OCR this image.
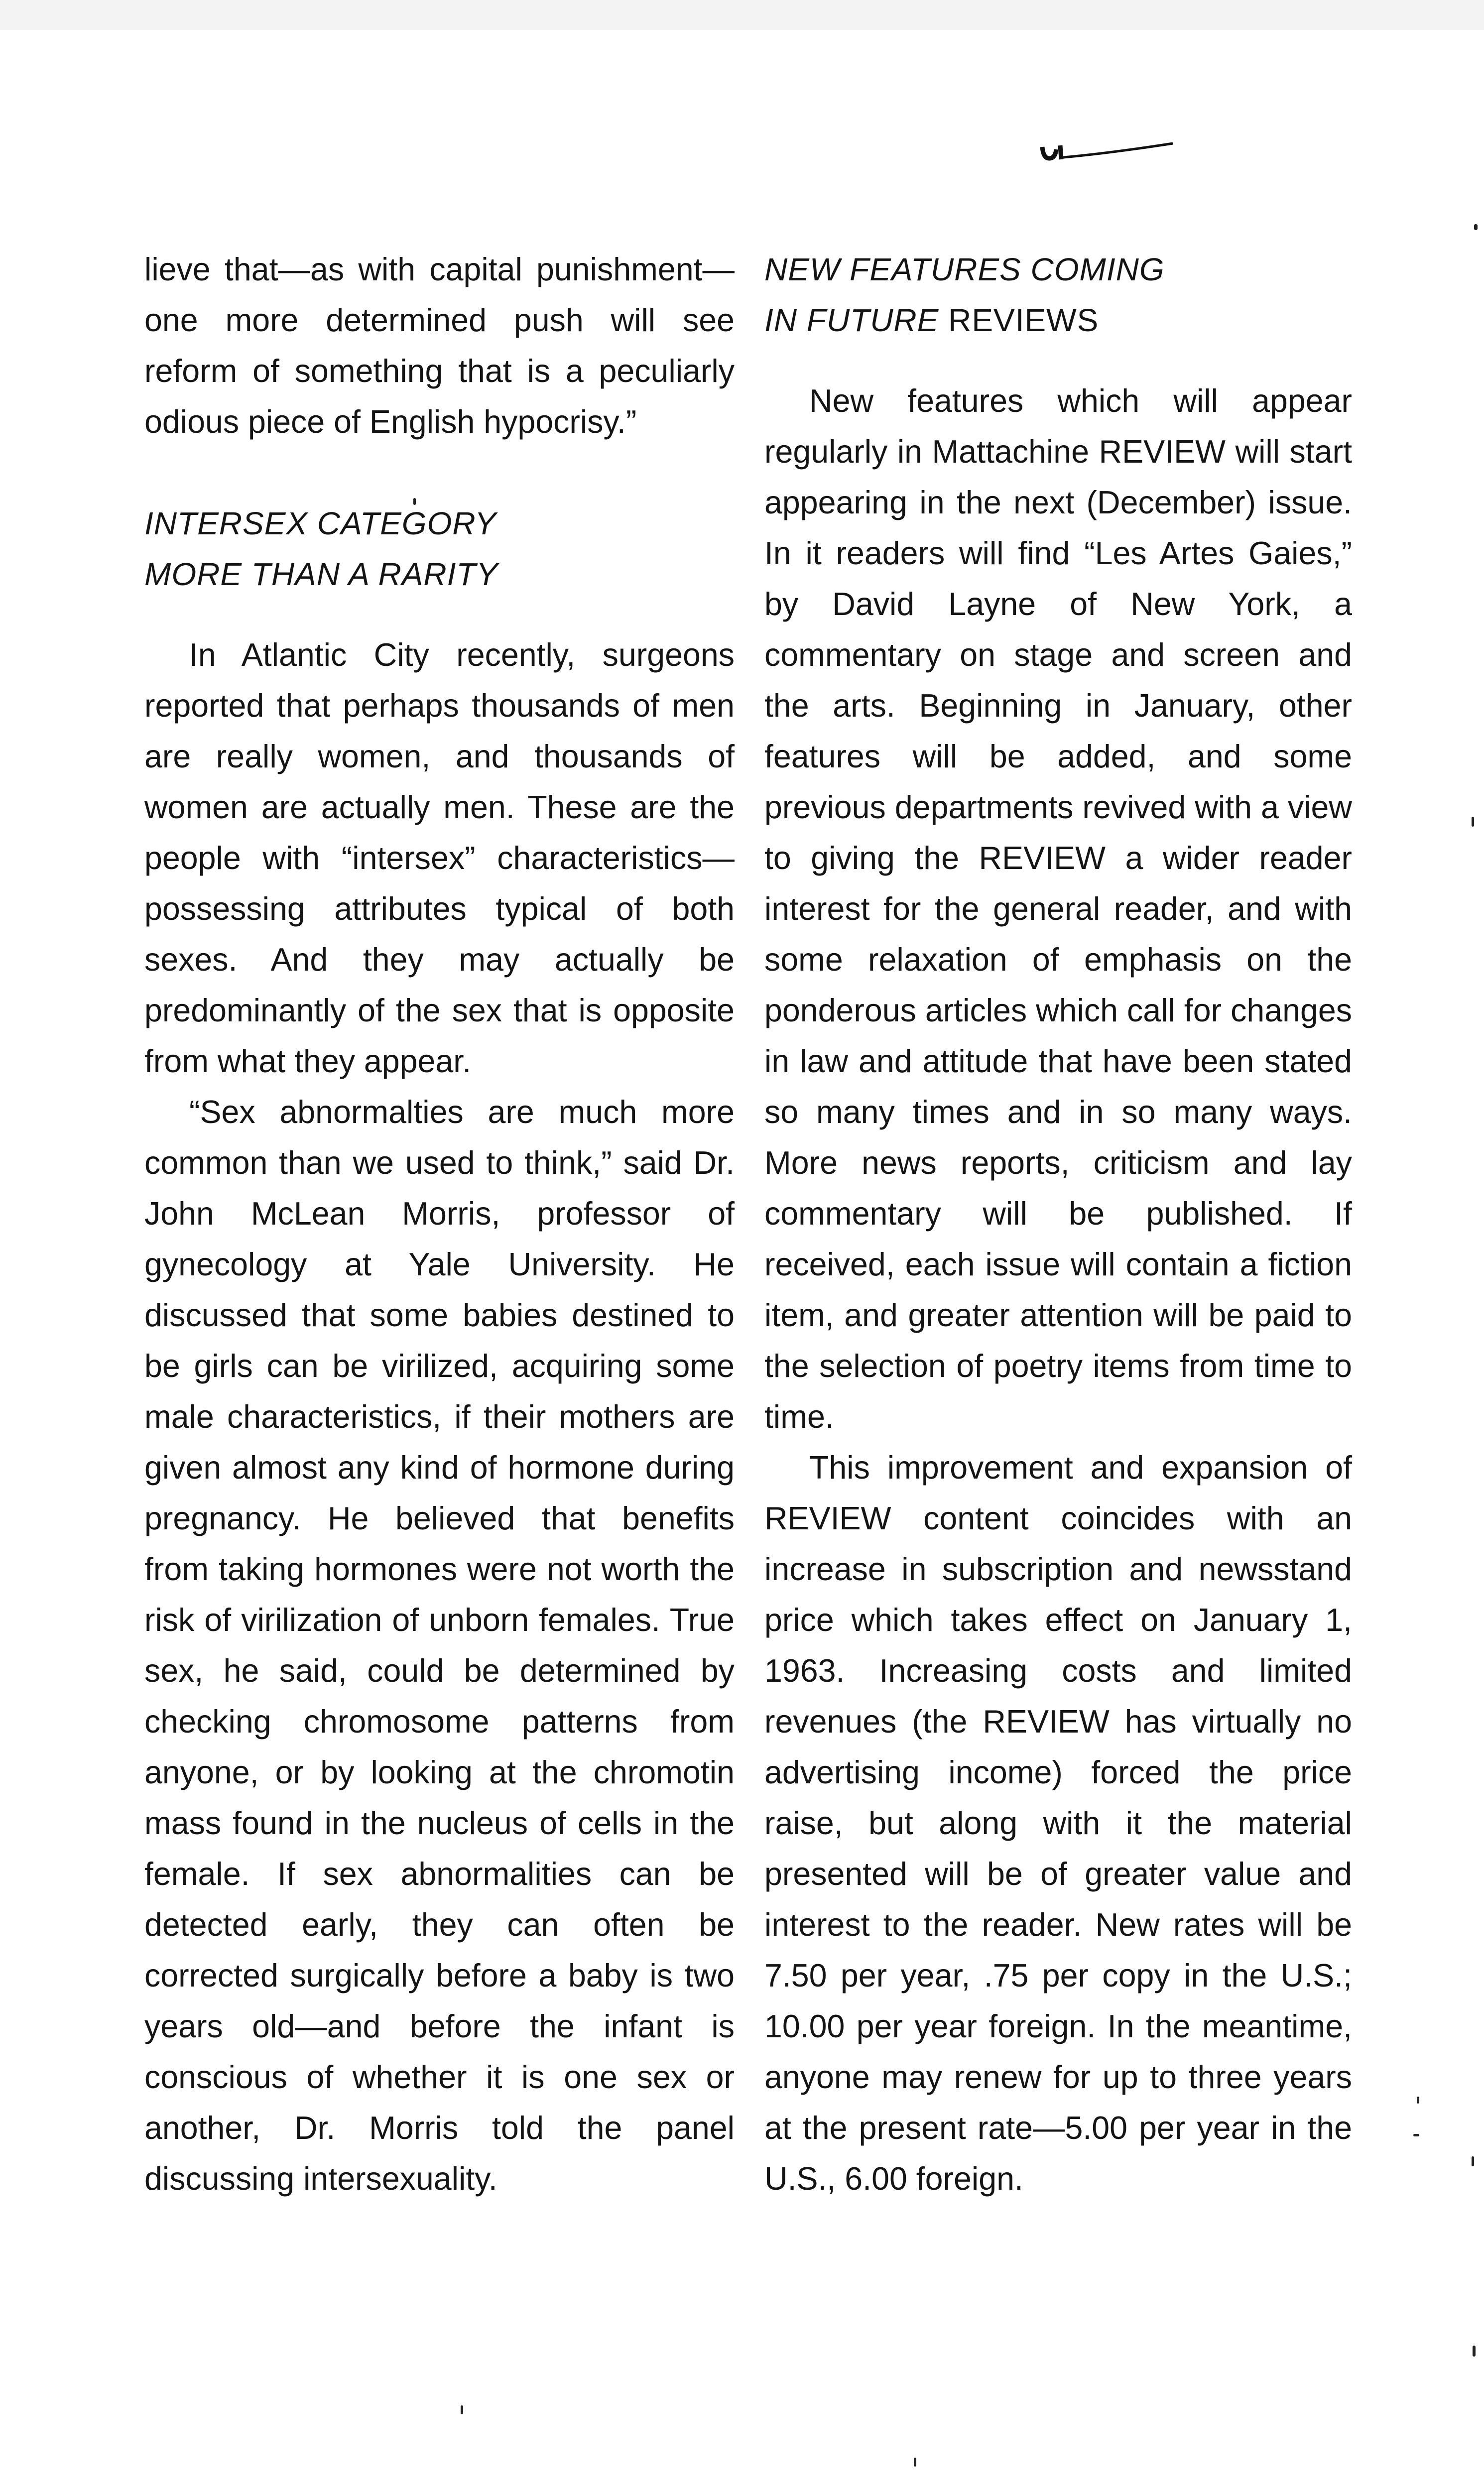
lieve that—as with capital punishment—one more determined push will see reform of something that is a peculiarly odious piece of English hypocrisy.”

INTERSEX CATEGORY
MORE THAN A RARITY

In Atlantic City recently, surgeons reported that perhaps thousands of men are really women, and thousands of women are actually men. These are the people with “intersex” characteristics—possessing attributes typical of both sexes. And they may actually be predominantly of the sex that is opposite from what they appear.

“Sex abnormalties are much more common than we used to think,” said Dr. John McLean Morris, professor of gynecology at Yale University. He discussed that some babies destined to be girls can be virilized, acquiring some male characteristics, if their mothers are given almost any kind of hormone during pregnancy. He believed that benefits from taking hormones were not worth the risk of virilization of unborn females. True sex, he said, could be determined by checking chromosome patterns from anyone, or by looking at the chromotin mass found in the nucleus of cells in the female. If sex abnormalities can be detected early, they can often be corrected surgically before a baby is two years old—and before the infant is conscious of whether it is one sex or another, Dr. Morris told the panel discussing intersexuality.

NEW FEATURES COMING
IN FUTURE REVIEWS

New features which will appear regularly in Mattachine REVIEW will start appearing in the next (December) issue. In it readers will find “Les Artes Gaies,” by David Layne of New York, a commentary on stage and screen and the arts. Beginning in January, other features will be added, and some previous departments revived with a view to giving the REVIEW a wider reader interest for the general reader, and with some relaxation of emphasis on the ponderous articles which call for changes in law and attitude that have been stated so many times and in so many ways. More news reports, criticism and lay commentary will be published. If received, each issue will contain a fiction item, and greater attention will be paid to the selection of poetry items from time to time.

This improvement and expansion of REVIEW content coincides with an increase in subscription and newsstand price which takes effect on January 1, 1963. Increasing costs and limited revenues (the REVIEW has virtually no advertising income) forced the price raise, but along with it the material presented will be of greater value and interest to the reader. New rates will be 7.50 per year, .75 per copy in the U.S.; 10.00 per year foreign. In the meantime, anyone may renew for up to three years at the present rate—5.00 per year in the U.S., 6.00 foreign.
